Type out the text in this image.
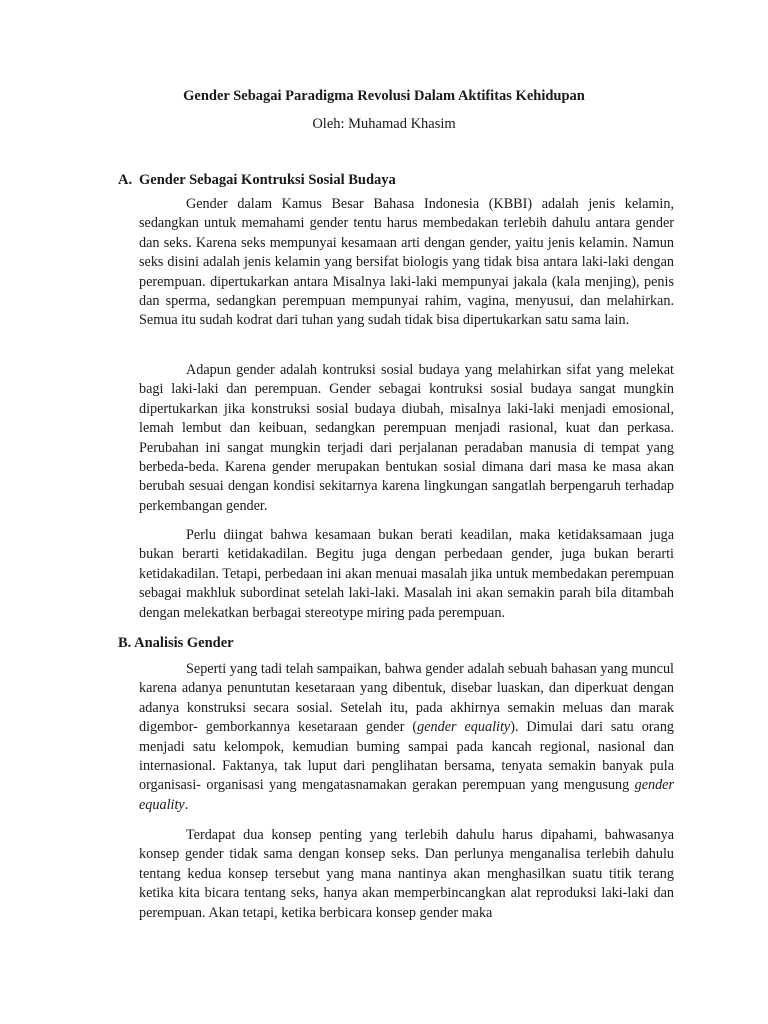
Gender Sebagai Paradigma Revolusi Dalam Aktifitas Kehidupan
Oleh: Muhamad Khasim
A. Gender Sebagai Kontruksi Sosial Budaya

Gender dalam Kamus Besar Bahasa Indonesia (KBBI) adalah jenis kelamin, sedangkan untuk memahami gender tentu harus membedakan terlebih dahulu antara gender dan seks. Karena seks mempunyai kesamaan arti dengan gender, yaitu jenis kelamin. Namun seks disini adalah jenis kelamin yang bersifat biologis yang tidak bisa antara laki-laki dengan perempuan. dipertukarkan antara Misalnya laki-laki mempunyai jakala (kala menjing), penis dan sperma, sedangkan perempuan mempunyai rahim, vagina, menyusui, dan melahirkan. Semua itu sudah kodrat dari tuhan yang sudah tidak bisa dipertukarkan satu sama lain.

Adapun gender adalah kontruksi sosial budaya yang melahirkan sifat yang melekat bagi laki-laki dan perempuan. Gender sebagai kontruksi sosial budaya sangat mungkin dipertukarkan jika konstruksi sosial budaya diubah, misalnya laki-laki menjadi emosional, lemah lembut dan keibuan, sedangkan perempuan menjadi rasional, kuat dan perkasa. Perubahan ini sangat mungkin terjadi dari perjalanan peradaban manusia di tempat yang berbeda-beda. Karena gender merupakan bentukan sosial dimana dari masa ke masa akan berubah sesuai dengan kondisi sekitarnya karena lingkungan sangatlah berpengaruh terhadap perkembangan gender.

Perlu diingat bahwa kesamaan bukan berati keadilan, maka ketidaksamaan juga bukan berarti ketidakadilan. Begitu juga dengan perbedaan gender, juga bukan berarti ketidakadilan. Tetapi, perbedaan ini akan menuai masalah jika untuk membedakan perempuan sebagai makhluk subordinat setelah laki-laki. Masalah ini akan semakin parah bila ditambah dengan melekatkan berbagai stereotype miring pada perempuan.

B. Analisis Gender

Seperti yang tadi telah sampaikan, bahwa gender adalah sebuah bahasan yang muncul karena adanya penuntutan kesetaraan yang dibentuk, disebar luaskan, dan diperkuat dengan adanya konstruksi secara sosial. Setelah itu, pada akhirnya semakin meluas dan marak digembor- gemborkannya kesetaraan gender (gender equality). Dimulai dari satu orang menjadi satu kelompok, kemudian buming sampai pada kancah regional, nasional dan internasional. Faktanya, tak luput dari penglihatan bersama, tenyata semakin banyak pula organisasi- organisasi yang mengatasnamakan gerakan perempuan yang mengusung gender equality.

Terdapat dua konsep penting yang terlebih dahulu harus dipahami, bahwasanya konsep gender tidak sama dengan konsep seks. Dan perlunya menganalisa terlebih dahulu tentang kedua konsep tersebut yang mana nantinya akan menghasilkan suatu titik terang ketika kita bicara tentang seks, hanya akan memperbincangkan alat reproduksi laki-laki dan perempuan. Akan tetapi, ketika berbicara konsep gender maka
